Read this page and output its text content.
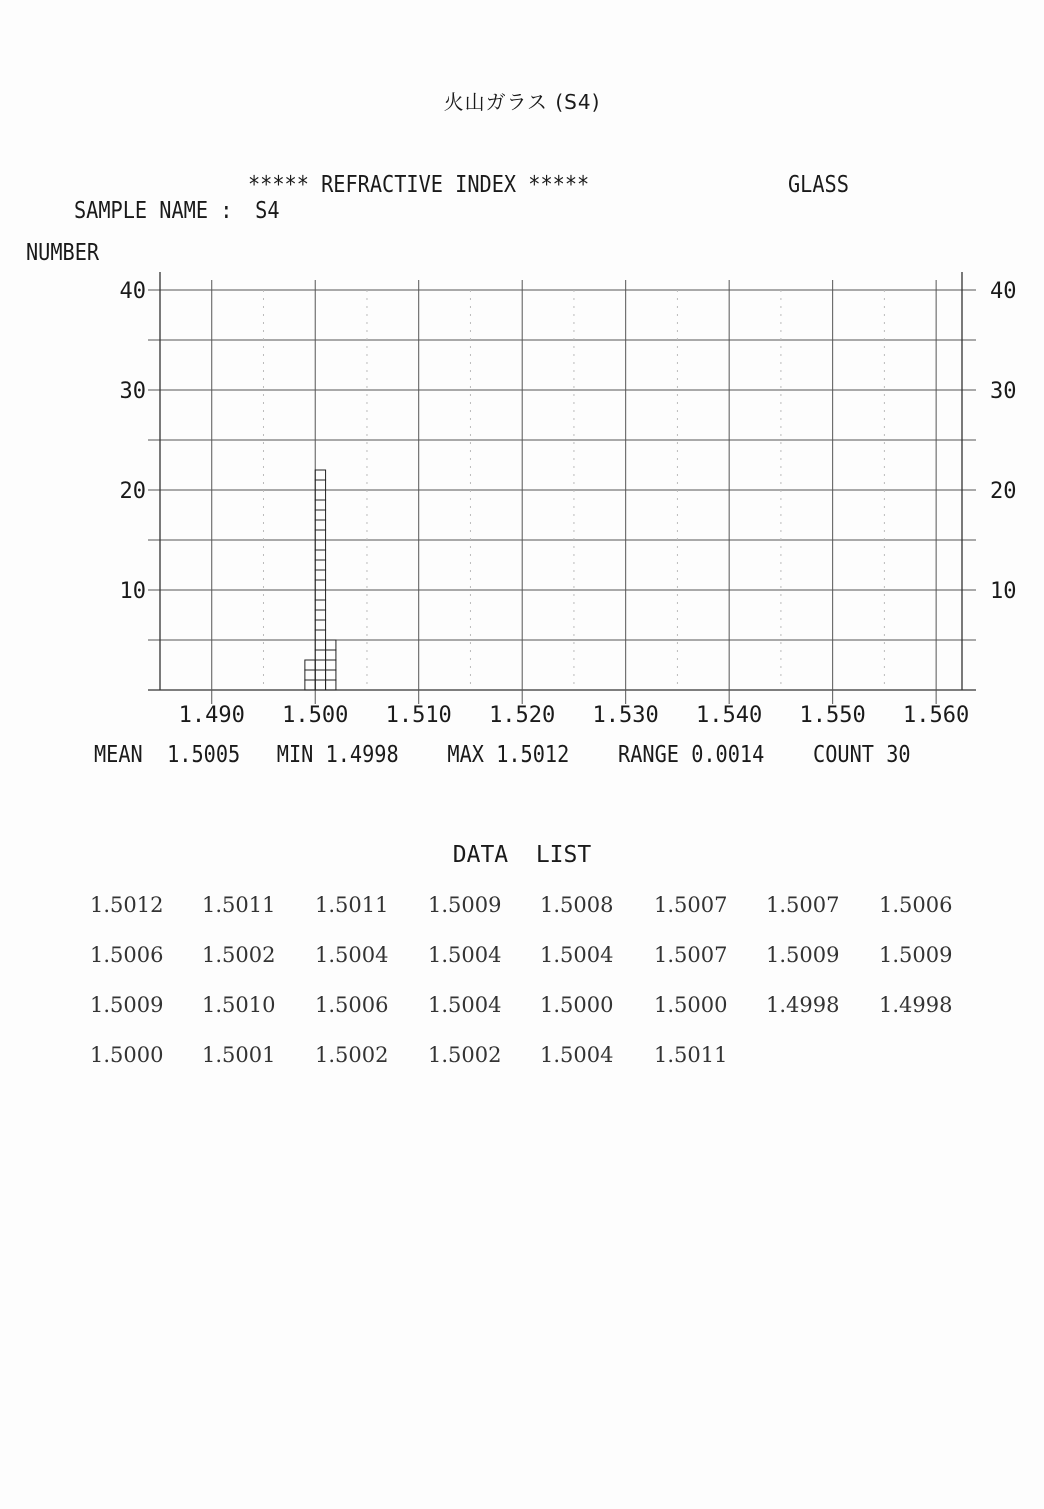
火山ガラス (S4)
***** REFRACTIVE INDEX *****	GLASS
SAMPLE NAME : S4
NUMBER
10	10
20	20
30	30
40	40
1.490 1.500 1.510 1.520 1.530 1.540 1.550 1.560
MEAN 1.5005 MIN 1.4998 MAX 1.5012 RANGE 0.0014 COUNT 30
DATA  LIST
1.5012	1.5011	1.5011	1.5009	1.5008	1.5007	1.5007	1.5006
1.5006	1.5002	1.5004	1.5004	1.5004	1.5007	1.5009	1.5009
1.5009	1.5010	1.5006	1.5004	1.5000	1.5000	1.4998	1.4998
1.5000	1.5001	1.5002	1.5002	1.5004	1.5011
